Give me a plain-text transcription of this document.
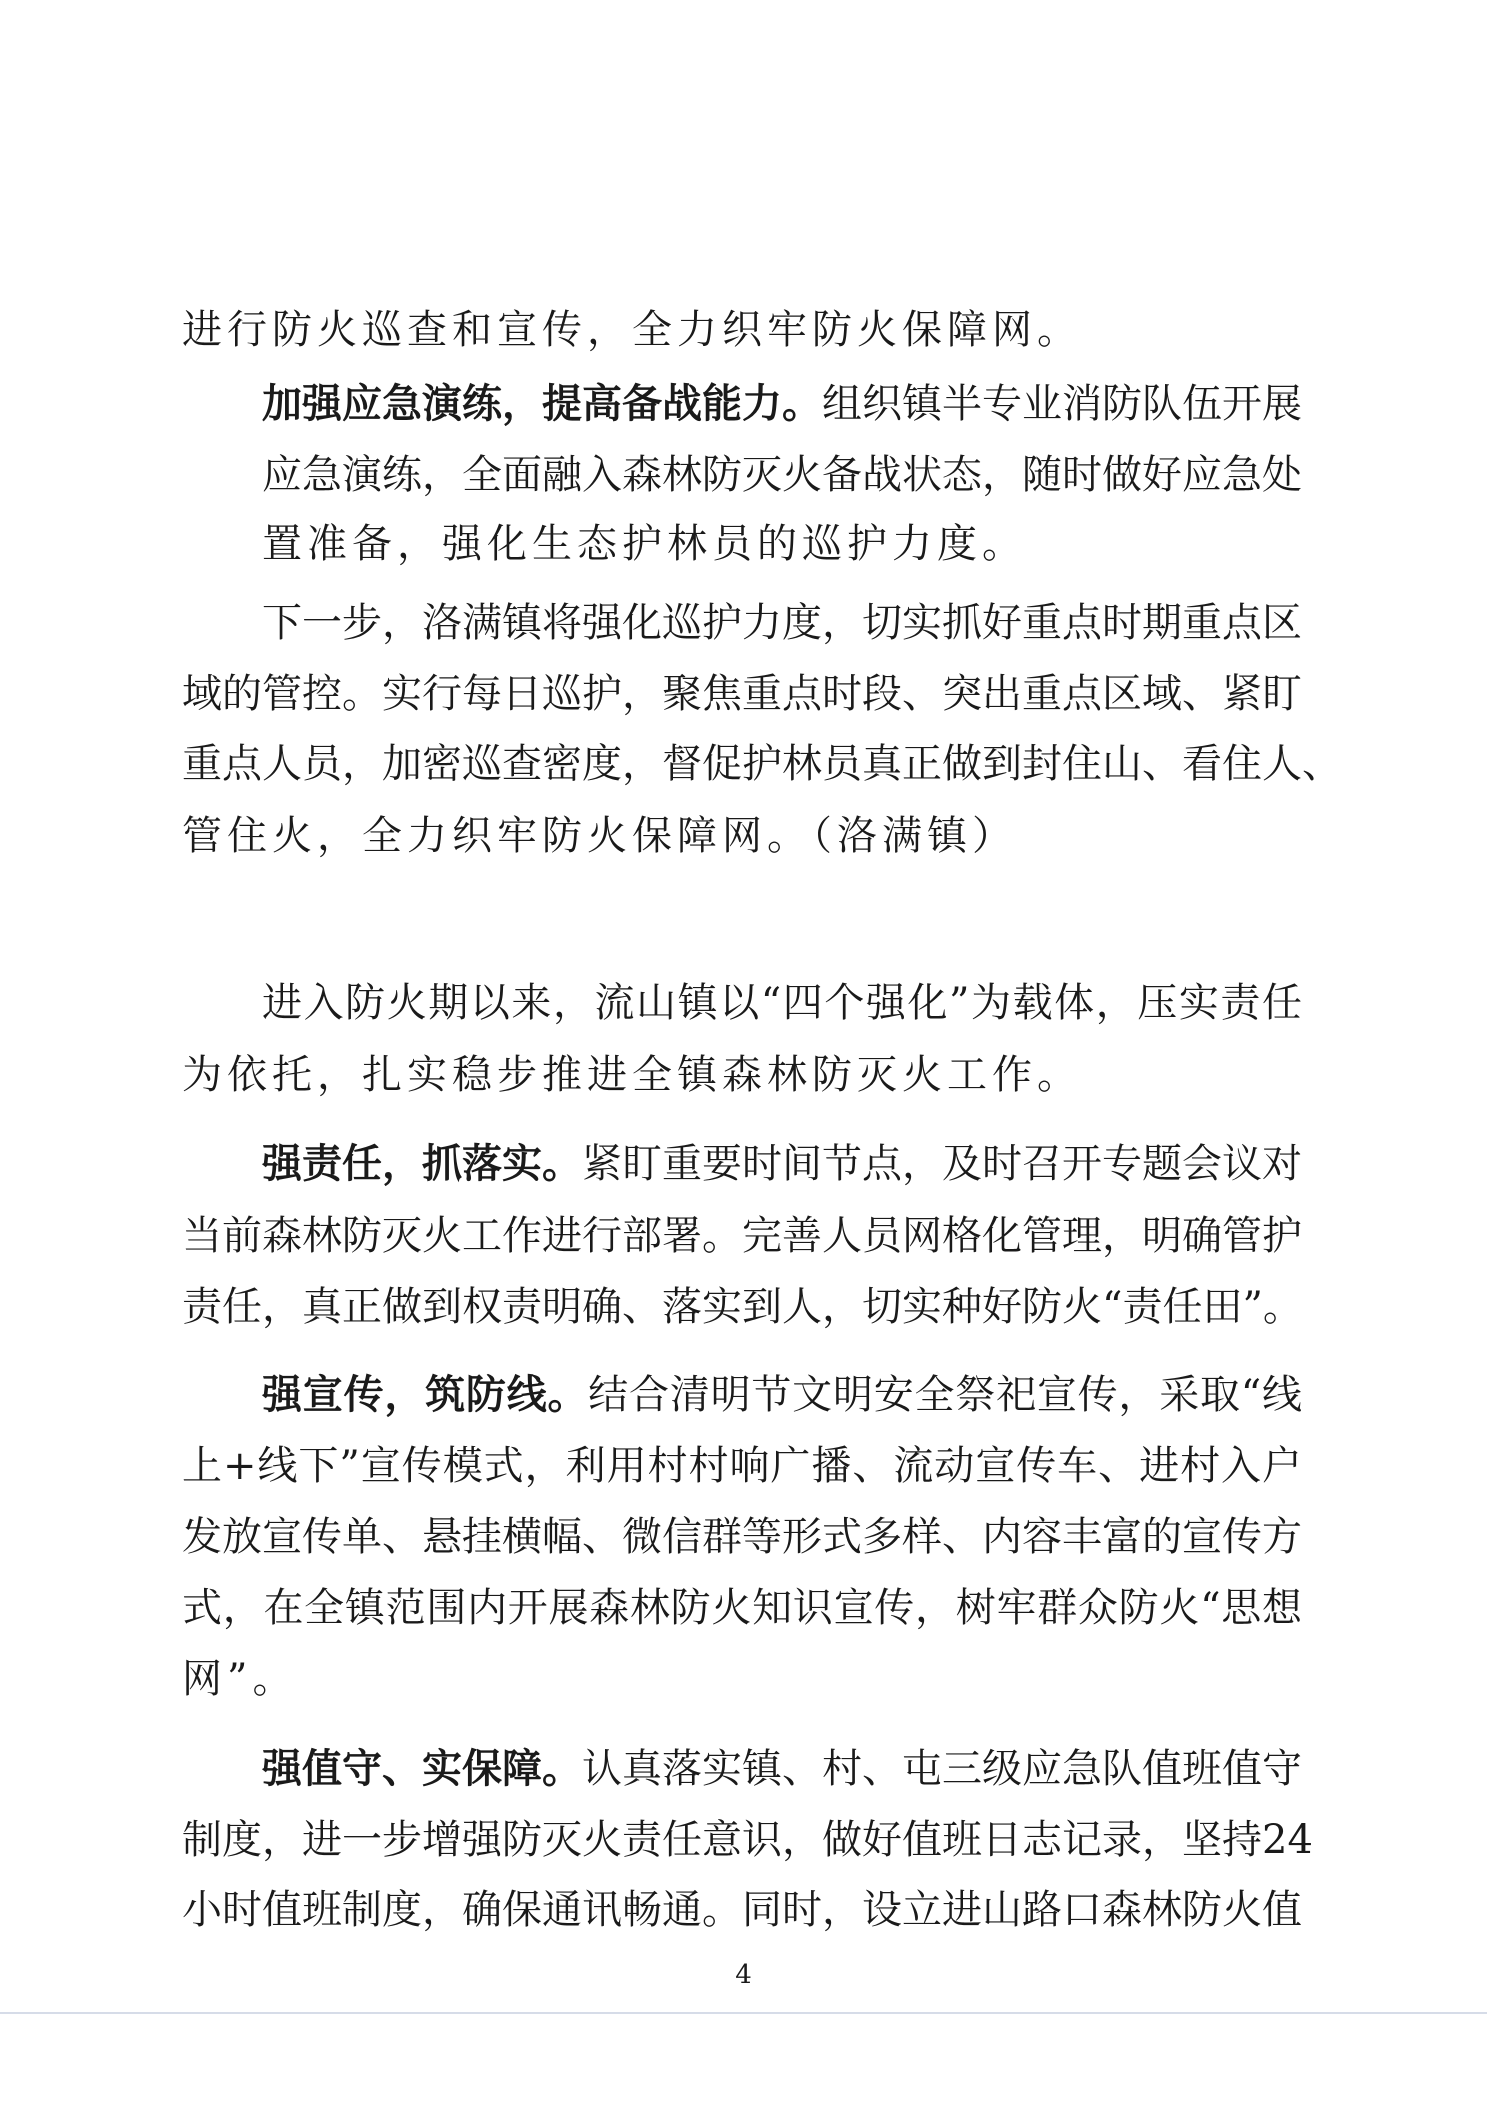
进行防火巡查和宣传，全力织牢防火保障网。
加强应急演练，提高备战能力。组织镇半专业消防队伍开展
应急演练，全面融入森林防灭火备战状态，随时做好应急处
置准备，强化生态护林员的巡护力度。
下一步，洛满镇将强化巡护力度，切实抓好重点时期重点区
域的管控。实行每日巡护，聚焦重点时段、突出重点区域、紧盯
重点人员，加密巡查密度，督促护林员真正做到封住山、看住人、
管住火，全力织牢防火保障网。（洛满镇）
进入防火期以来，流山镇以“四个强化”为载体，压实责任
为依托，扎实稳步推进全镇森林防灭火工作。
强责任，抓落实。紧盯重要时间节点，及时召开专题会议对
当前森林防灭火工作进行部署。完善人员网格化管理，明确管护
责任，真正做到权责明确、落实到人，切实种好防火“责任田”。
强宣传，筑防线。结合清明节文明安全祭祀宣传，采取“线
上+线下”宣传模式，利用村村响广播、流动宣传车、进村入户
发放宣传单、悬挂横幅、微信群等形式多样、内容丰富的宣传方
式，在全镇范围内开展森林防火知识宣传，树牢群众防火“思想
网”。
强值守、实保障。认真落实镇、村、屯三级应急队值班值守
制度，进一步增强防灭火责任意识，做好值班日志记录，坚持24
小时值班制度，确保通讯畅通。同时，设立进山路口森林防火值
4
